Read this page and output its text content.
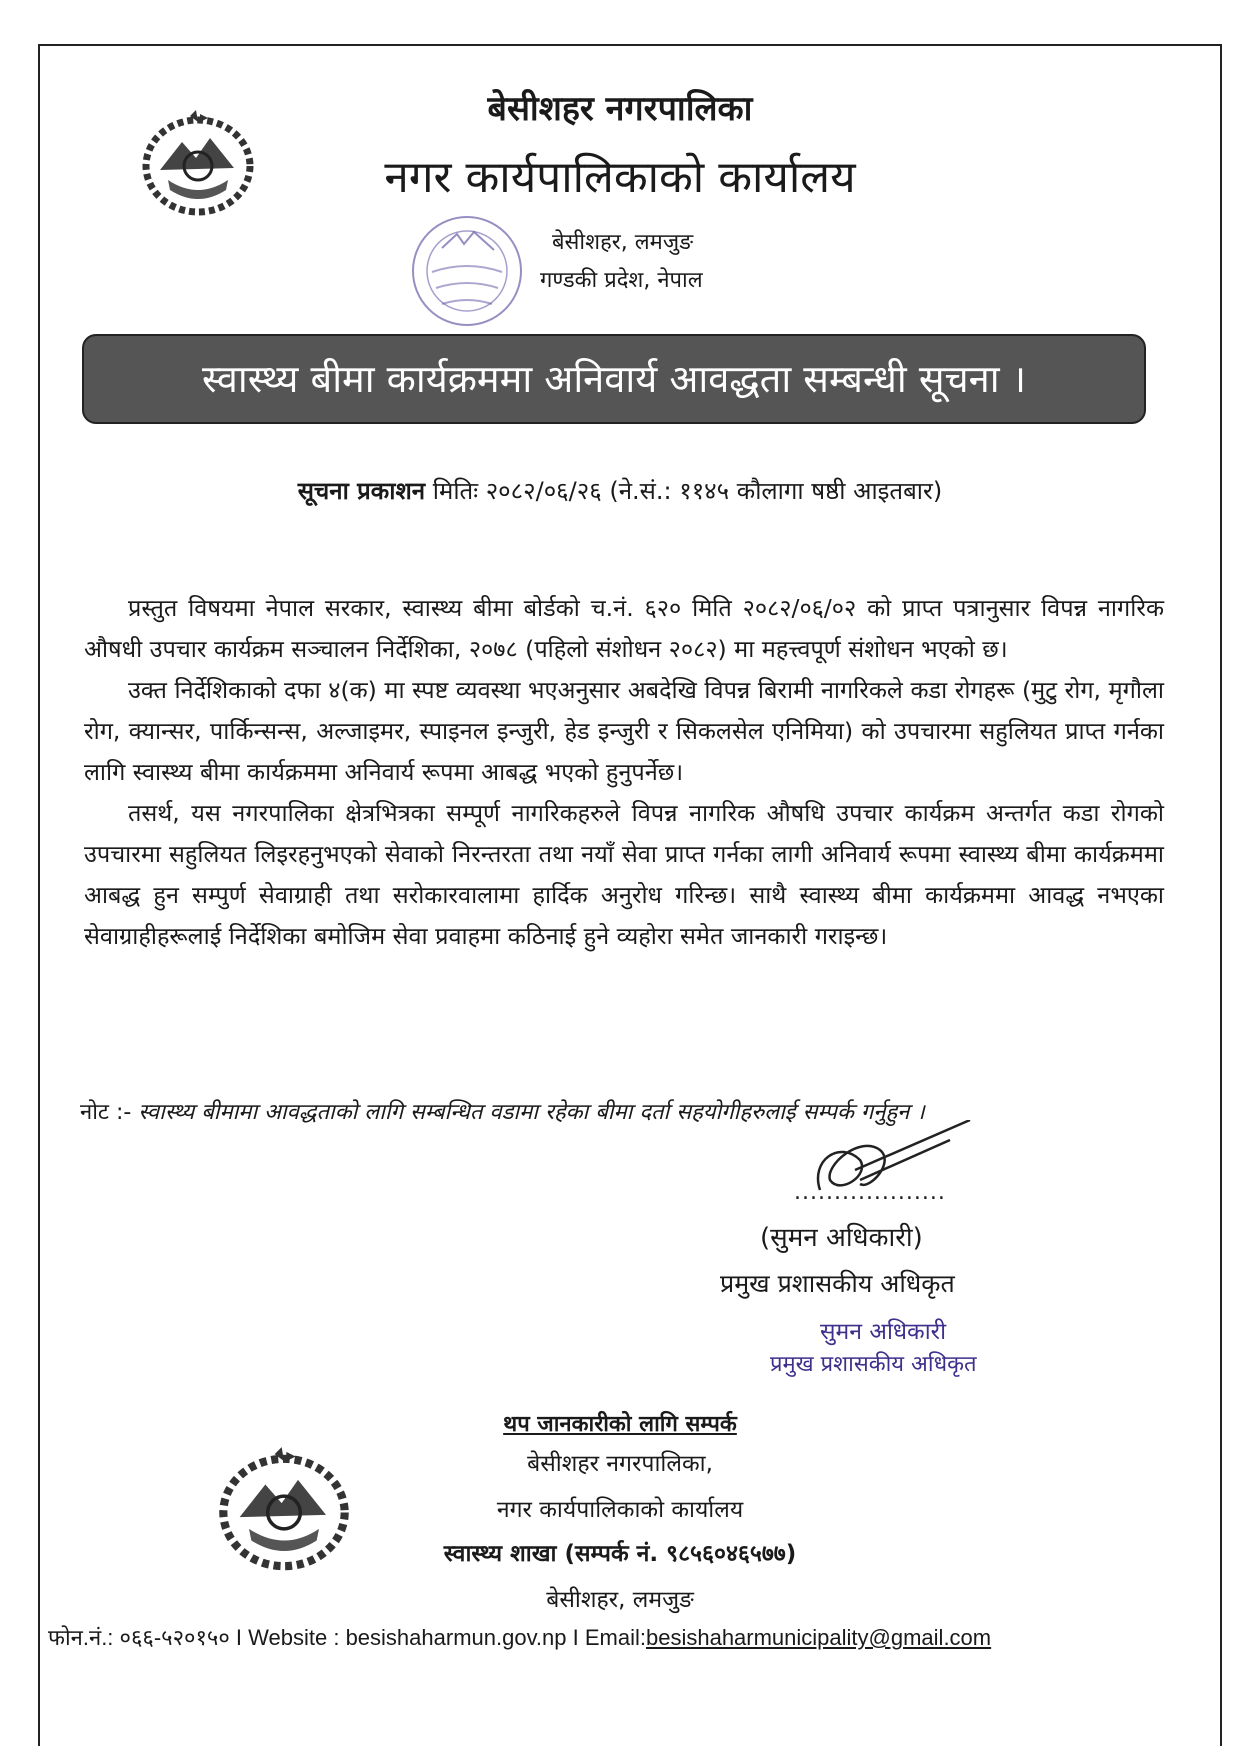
बेसीशहर नगरपालिका
नगर कार्यपालिकाको कार्यालय
बेसीशहर, लमजुङ
गण्डकी प्रदेश, नेपाल
स्वास्थ्य बीमा कार्यक्रममा अनिवार्य आवद्धता सम्बन्धी सूचना ।
सूचना प्रकाशन मितिः २०८२/०६/२६ (ने.सं.: ११४५ कौलागा षष्ठी आइतबार)

प्रस्तुत विषयमा नेपाल सरकार, स्वास्थ्य बीमा बोर्डको च.नं. ६२० मिति २०८२/०६/०२ को प्राप्त पत्रानुसार विपन्न नागरिक औषधी उपचार कार्यक्रम सञ्चालन निर्देशिका, २०७८ (पहिलो संशोधन २०८२) मा महत्त्वपूर्ण संशोधन भएको छ।

उक्त निर्देशिकाको दफा ४(क) मा स्पष्ट व्यवस्था भएअनुसार अबदेखि विपन्न बिरामी नागरिकले कडा रोगहरू (मुटु रोग, मृगौला रोग, क्यान्सर, पार्किन्सन्स, अल्जाइमर, स्पाइनल इन्जुरी, हेड इन्जुरी र सिकलसेल एनिमिया) को उपचारमा सहुलियत प्राप्त गर्नका लागि स्वास्थ्य बीमा कार्यक्रममा अनिवार्य रूपमा आबद्ध भएको हुनुपर्नेछ।

तसर्थ, यस नगरपालिका क्षेत्रभित्रका सम्पूर्ण नागरिकहरुले विपन्न नागरिक औषधि उपचार कार्यक्रम अन्तर्गत कडा रोगको उपचारमा सहुलियत लिइरहनुभएको सेवाको निरन्तरता तथा नयाँ सेवा प्राप्त गर्नका लागी अनिवार्य रूपमा स्वास्थ्य बीमा कार्यक्रममा आबद्ध हुन सम्पुर्ण सेवाग्राही तथा सरोकारवालामा हार्दिक अनुरोध गरिन्छ। साथै स्वास्थ्य बीमा कार्यक्रममा आवद्ध नभएका सेवाग्राहीहरूलाई निर्देशिका बमोजिम सेवा प्रवाहमा कठिनाई हुने व्यहोरा समेत जानकारी गराइन्छ।

नोट :- स्वास्थ्य बीमामा आवद्धताको लागि सम्बन्धित वडामा रहेका बीमा दर्ता सहयोगीहरुलाई सम्पर्क गर्नुहुन ।
...................
(सुमन अधिकारी)
प्रमुख प्रशासकीय अधिकृत
सुमन अधिकारी
प्रमुख प्रशासकीय अधिकृत
थप जानकारीको लागि सम्पर्क
बेसीशहर नगरपालिका,
नगर कार्यपालिकाको कार्यालय
स्वास्थ्य शाखा (सम्पर्क नं. ९८५६०४६५७७)
बेसीशहर, लमजुङ
फोन.नं.: ०६६-५२०१५० I Website : besishaharmun.gov.np I Email:besishaharmunicipality@gmail.com
